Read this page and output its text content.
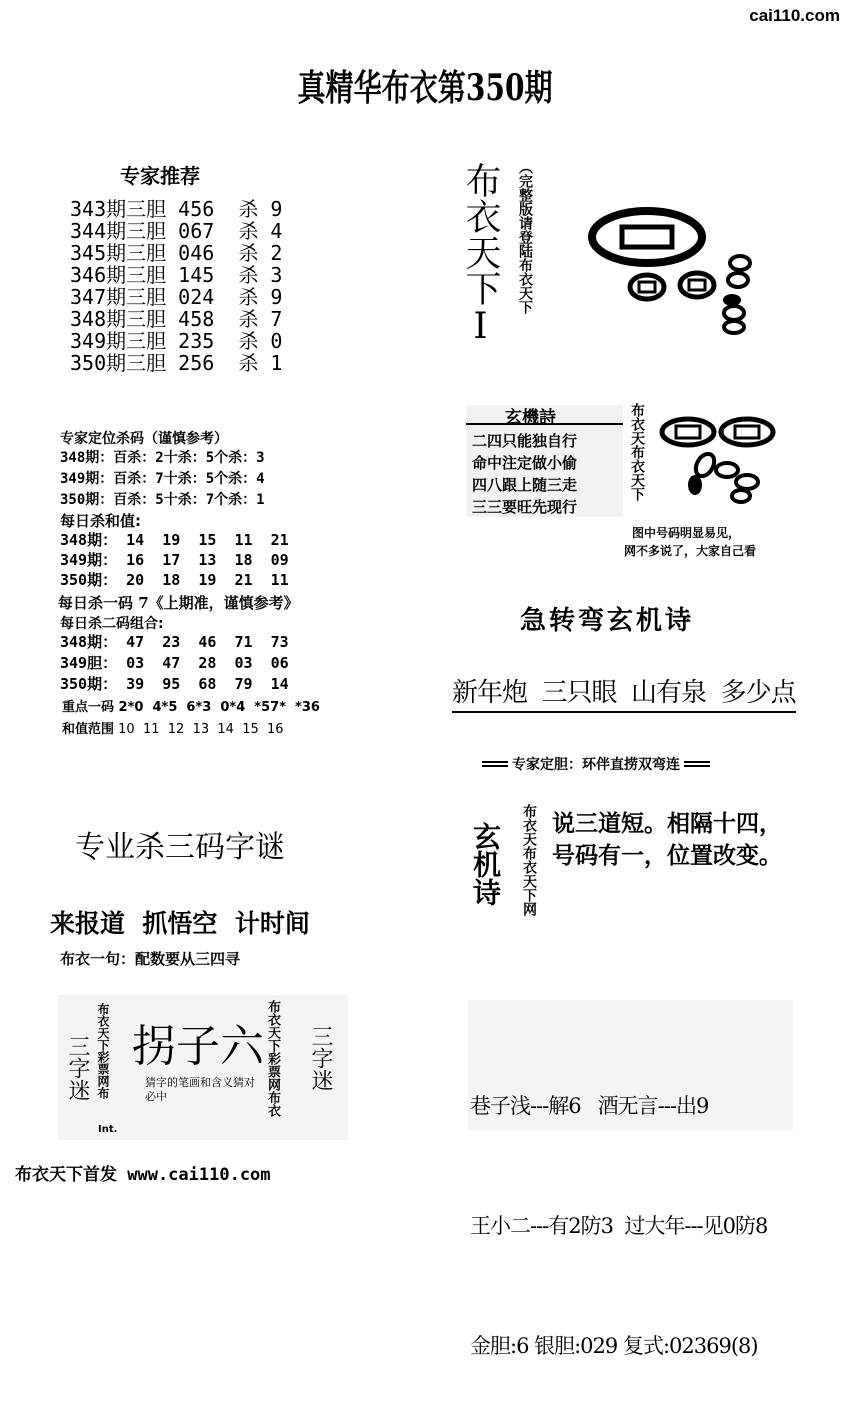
cai110.com
真精华布衣第350期
专家推荐
343期三胆 456  杀 9
344期三胆 067  杀 4
345期三胆 046  杀 2
346期三胆 145  杀 3
347期三胆 024  杀 9
348期三胆 458  杀 7
349期三胆 235  杀 0
350期三胆 256  杀 1
专家定位杀码（谨慎参考）
348期：百杀：2十杀：5个杀：3
349期：百杀：7十杀：5个杀：4
350期：百杀：5十杀：7个杀：1
每日杀和值:
348期： 14  19  15  11  21
349期： 16  17  13  18  09
350期： 20  18  19  21  11
每日杀一码 7《上期准，谨慎参考》
每日杀二码组合:
348期： 47  23  46  71  73
349胆： 03  47  28  03  06
350期： 39  95  68  79  14
重点一码 2*0  4*5  6*3  0*4  *57*  *36
和值范围 10  11  12  13  14  15  16
专业杀三码字谜
来报道  抓悟空  计时间
布衣一句：配数要从三四寻
三字迷 布衣天下彩票网布
Int.
拐子六
猜字的笔画和含义猜对必中	布衣天下彩票网布衣 三字迷
布衣天下首发 www.cai110.com
布衣天下I （完整版请登陆布衣天下
玄機詩
二四只能独自行
命中注定做小偷
四八跟上随三走
三三要旺先现行
布衣天布衣天下
图中号码明显易见，
网不多说了，大家自己看
急转弯玄机诗
新年炮  三只眼  山有泉  多少点
专家定胆：环伴直捞双弯连
玄机诗 布衣天布衣天下网 说三道短。相隔十四，
号码有一，位置改变。

巷子浅---解6   酒无言---出9

王小二---有2防3  过大年---见0防8

金胆:6 银胆:029 复式:02369(8)
